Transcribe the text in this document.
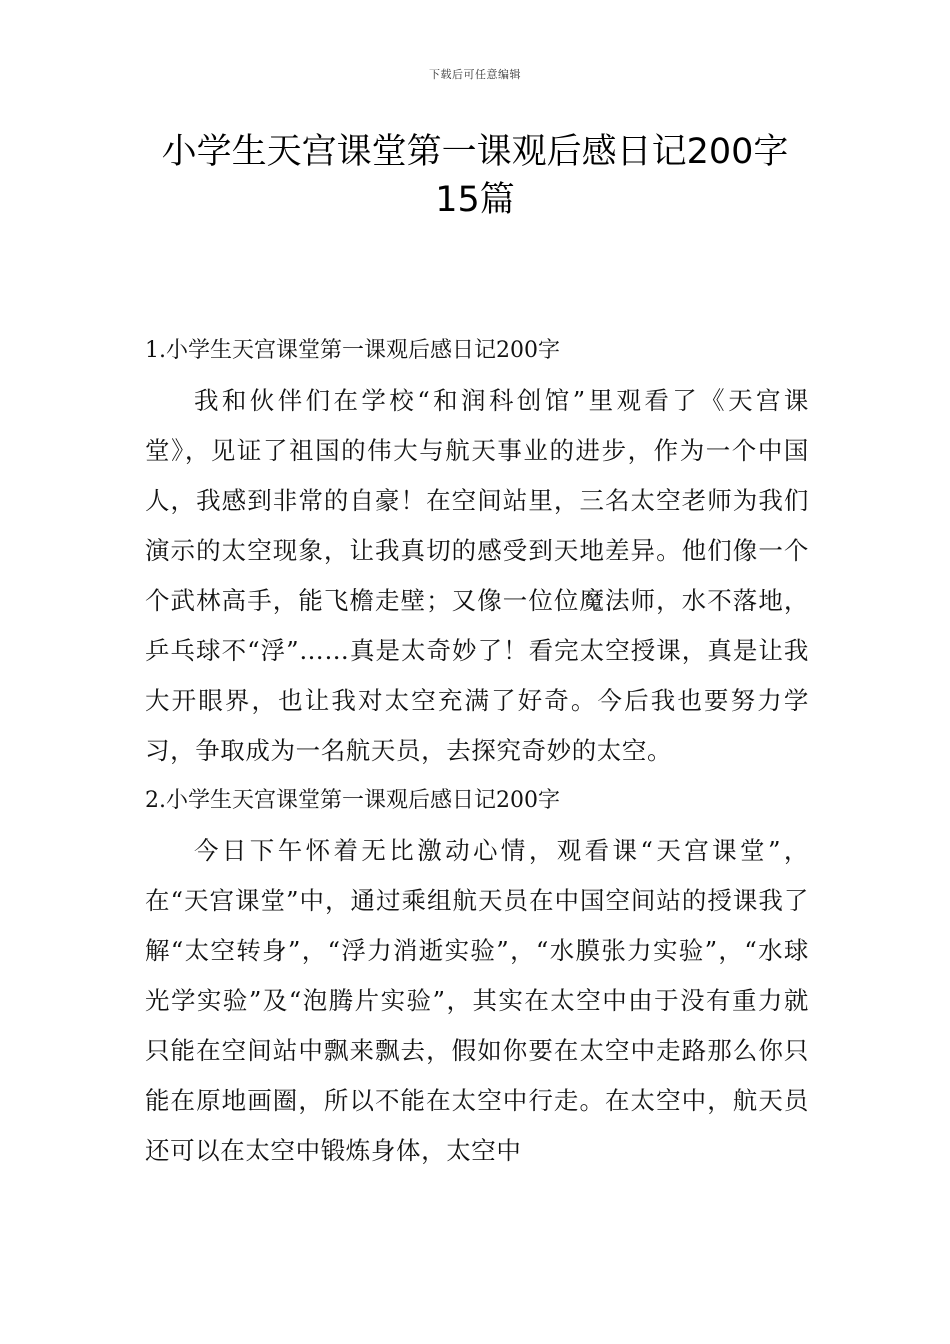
下载后可任意编辑
小学生天宫课堂第一课观后感日记200字
15篇
1.小学生天宫课堂第一课观后感日记200字

我和伙伴们在学校“和润科创馆”里观看了《天宫课堂》，见证了祖国的伟大与航天事业的进步，作为一个中国人，我感到非常的自豪！在空间站里，三名太空老师为我们演示的太空现象，让我真切的感受到天地差异。他们像一个个武林高手，能飞檐走壁；又像一位位魔法师，水不落地，乒乓球不“浮”……真是太奇妙了！看完太空授课，真是让我大开眼界，也让我对太空充满了好奇。今后我也要努力学习，争取成为一名航天员，去探究奇妙的太空。

2.小学生天宫课堂第一课观后感日记200字

今日下午怀着无比激动心情，观看课“天宫课堂”，在“天宫课堂”中，通过乘组航天员在中国空间站的授课我了解“太空转身”，“浮力消逝实验”，“水膜张力实验”，“水球光学实验”及“泡腾片实验”，其实在太空中由于没有重力就只能在空间站中飘来飘去，假如你要在太空中走路那么你只能在原地画圈，所以不能在太空中行走。在太空中，航天员还可以在太空中锻炼身体，太空中
